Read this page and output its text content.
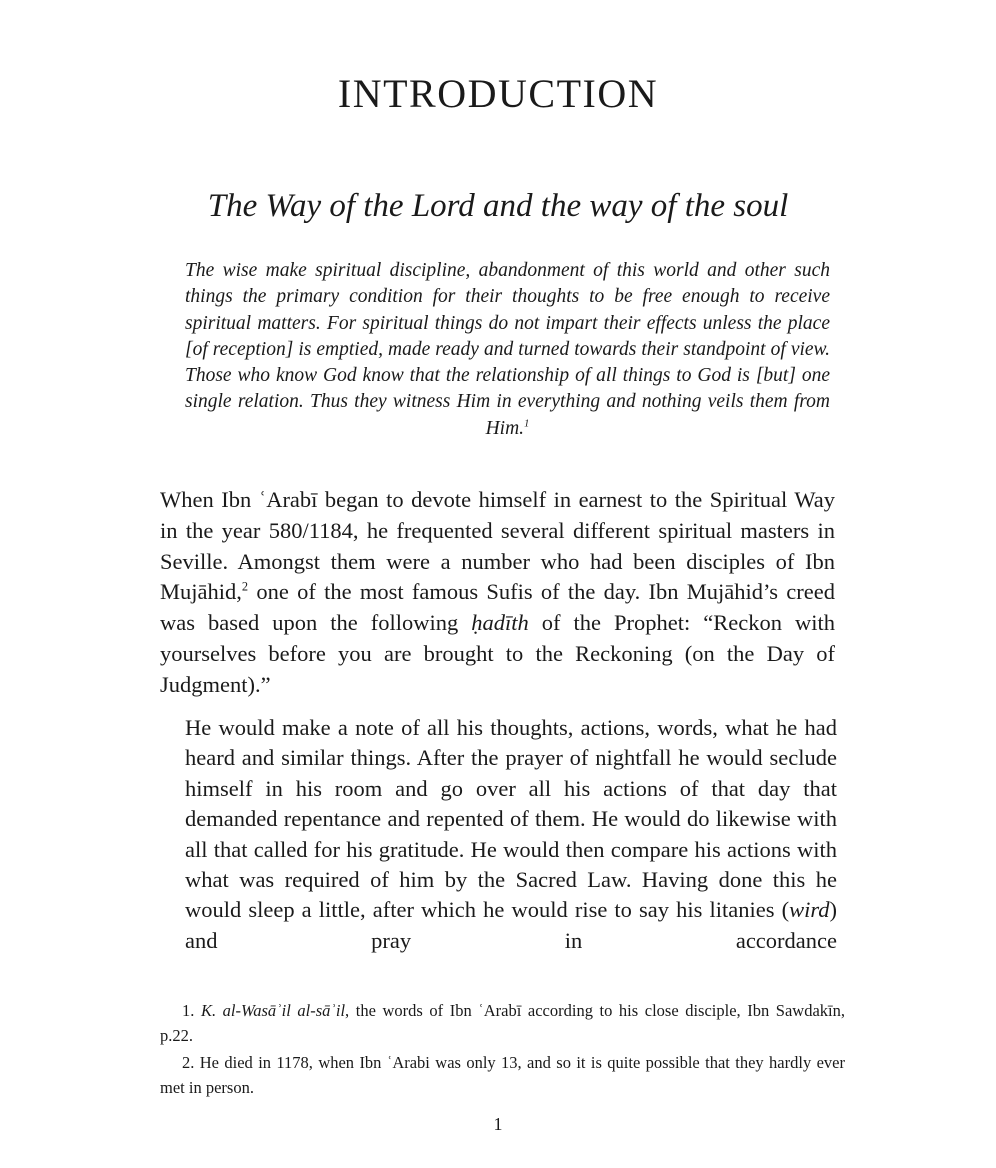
INTRODUCTION
The Way of the Lord and the way of the soul

The wise make spiritual discipline, abandonment of this world and other such things the primary condition for their thoughts to be free enough to receive spiritual matters. For spiritual things do not impart their effects unless the place [of reception] is emptied, made ready and turned towards their standpoint of view. Those who know God know that the relationship of all things to God is [but] one single relation. Thus they witness Him in everything and nothing veils them from Him.$^1$

When Ibn ʿArabī began to devote himself in earnest to the Spiritual Way in the year 580/1184, he frequented several different spiritual masters in Seville. Amongst them were a number who had been disciples of Ibn Mujāhid,$^2$ one of the most famous Sufis of the day. Ibn Mujāhid’s creed was based upon the following ḥadīth of the Prophet: “Reckon with yourselves before you are brought to the Reckoning (on the Day of Judgment).”

He would make a note of all his thoughts, actions, words, what he had heard and similar things. After the prayer of nightfall he would seclude himself in his room and go over all his actions of that day that demanded repentance and repented of them. He would do likewise with all that called for his gratitude. He would then compare his actions with what was required of him by the Sacred Law. Having done this he would sleep a little, after which he would rise to say his litanies (wird) and pray in accordance

1. K. al-Wasāʾil al-sāʾil, the words of Ibn ʿArabī according to his close disciple, Ibn Sawdakīn, p.22.

2. He died in 1178, when Ibn ʿArabi was only 13, and so it is quite possible that they hardly ever met in person.

1
